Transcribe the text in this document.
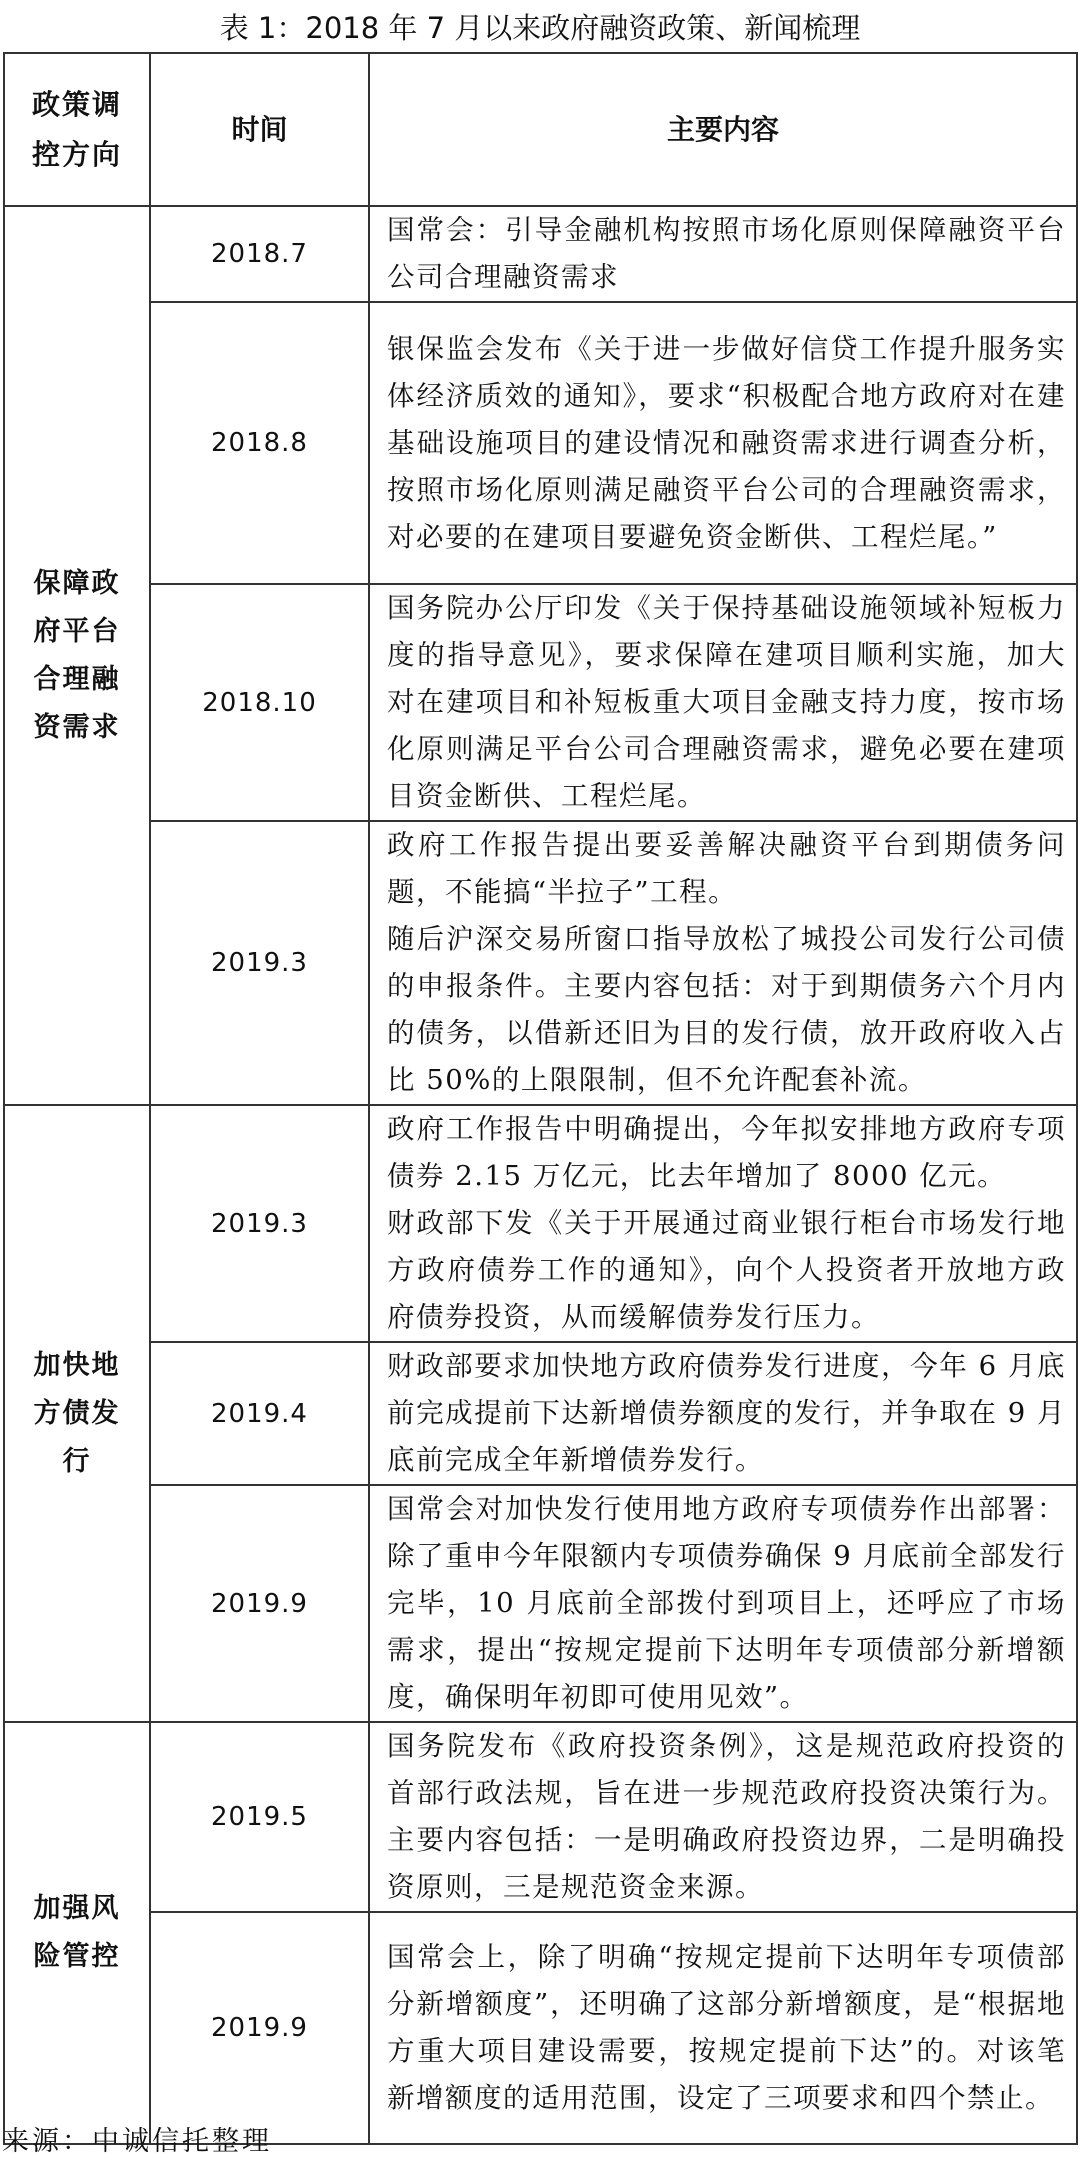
表 1：2018 年 7 月以来政府融资政策、新闻梳理
政策调控方向	时间	主要内容
保障政府平台合理融资需求	2018.7	国常会：引导金融机构按照市场化原则保障融资平台公司合理融资需求

	2018.8	银保监会发布《关于进一步做好信贷工作提升服务实体经济质效的通知》，要求“积极配合地方政府对在建基础设施项目的建设情况和融资需求进行调查分析，按照市场化原则满足融资平台公司的合理融资需求，对必要的在建项目要避免资金断供、工程烂尾。”

	2018.10	国务院办公厅印发《关于保持基础设施领域补短板力度的指导意见》，要求保障在建项目顺利实施，加大对在建项目和补短板重大项目金融支持力度，按市场化原则满足平台公司合理融资需求，避免必要在建项目资金断供、工程烂尾。

	2019.3	政府工作报告提出要妥善解决融资平台到期债务问题，不能搞“半拉子”工程。

随后沪深交易所窗口指导放松了城投公司发行公司债的申报条件。主要内容包括：对于到期债务六个月内的债务，以借新还旧为目的发行债，放开政府收入占比 50%的上限限制，但不允许配套补流。

加快地方债发行	2019.3	政府工作报告中明确提出，今年拟安排地方政府专项债券 2.15 万亿元，比去年增加了 8000 亿元。

财政部下发《关于开展通过商业银行柜台市场发行地方政府债券工作的通知》，向个人投资者开放地方政府债券投资，从而缓解债券发行压力。

	2019.4	财政部要求加快地方政府债券发行进度，今年 6 月底前完成提前下达新增债券额度的发行，并争取在 9 月底前完成全年新增债券发行。

	2019.9	国常会对加快发行使用地方政府专项债券作出部署：除了重申今年限额内专项债券确保 9 月底前全部发行完毕，10 月底前全部拨付到项目上，还呼应了市场需求，提出“按规定提前下达明年专项债部分新增额度，确保明年初即可使用见效”。

加强风险管控	2019.5	国务院发布《政府投资条例》，这是规范政府投资的首部行政法规，旨在进一步规范政府投资决策行为。主要内容包括：一是明确政府投资边界，二是明确投资原则，三是规范资金来源。

	2019.9	国常会上，除了明确“按规定提前下达明年专项债部分新增额度”，还明确了这部分新增额度，是“根据地方重大项目建设需要，按规定提前下达”的。对该笔新增额度的适用范围，设定了三项要求和四个禁止。

来源：中诚信托整理
